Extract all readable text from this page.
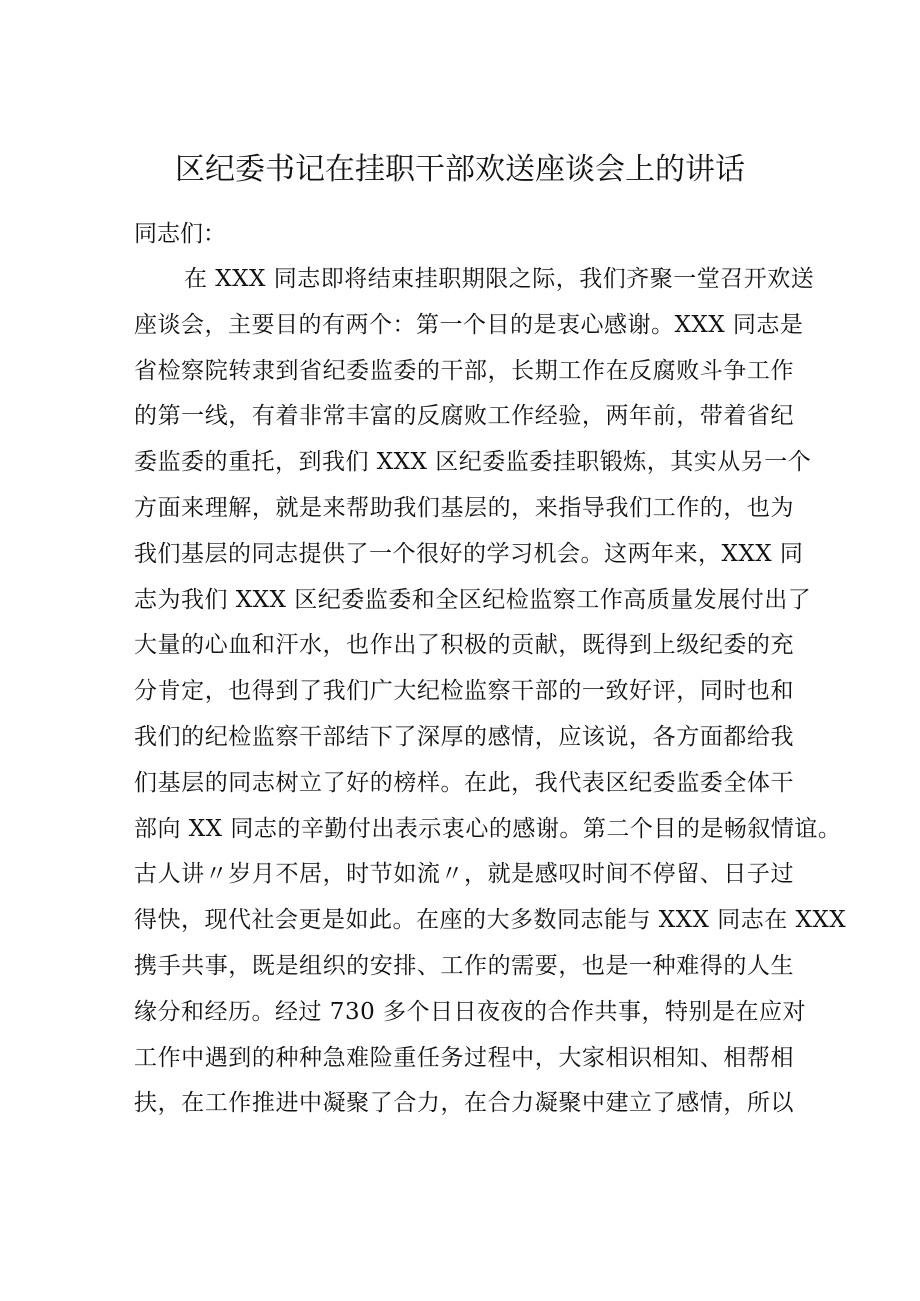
区纪委书记在挂职干部欢送座谈会上的讲话
同志们：
在 XXX 同志即将结束挂职期限之际，我们齐聚一堂召开欢送
座谈会，主要目的有两个：第一个目的是衷心感谢。XXX 同志是
省检察院转隶到省纪委监委的干部，长期工作在反腐败斗争工作
的第一线，有着非常丰富的反腐败工作经验，两年前，带着省纪
委监委的重托，到我们 XXX 区纪委监委挂职锻炼，其实从另一个
方面来理解，就是来帮助我们基层的，来指导我们工作的，也为
我们基层的同志提供了一个很好的学习机会。这两年来，XXX 同
志为我们 XXX 区纪委监委和全区纪检监察工作高质量发展付出了
大量的心血和汗水，也作出了积极的贡献，既得到上级纪委的充
分肯定，也得到了我们广大纪检监察干部的一致好评，同时也和
我们的纪检监察干部结下了深厚的感情，应该说，各方面都给我
们基层的同志树立了好的榜样。在此，我代表区纪委监委全体干
部向 XX 同志的辛勤付出表示衷心的感谢。第二个目的是畅叙情谊。
古人讲〃岁月不居，时节如流〃，就是感叹时间不停留、日子过
得快，现代社会更是如此。在座的大多数同志能与 XXX 同志在 XXX
携手共事，既是组织的安排、工作的需要，也是一种难得的人生
缘分和经历。经过 730 多个日日夜夜的合作共事，特别是在应对
工作中遇到的种种急难险重任务过程中，大家相识相知、相帮相
扶，在工作推进中凝聚了合力，在合力凝聚中建立了感情，所以
